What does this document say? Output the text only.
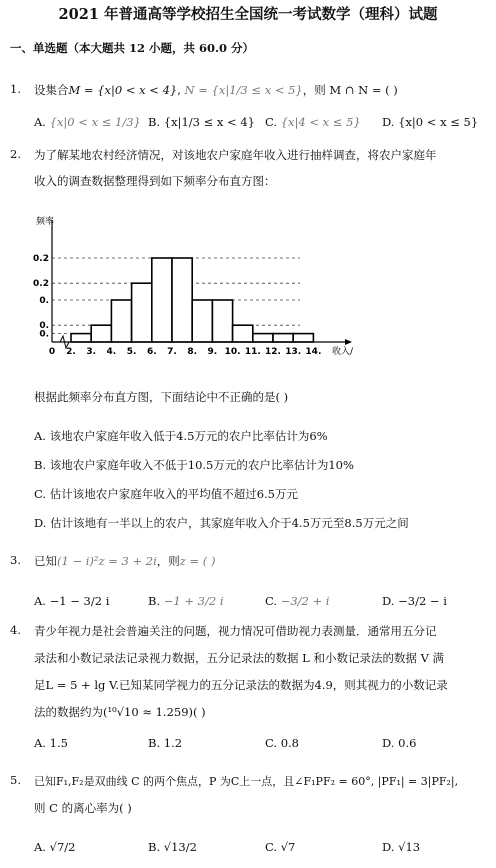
2021 年普通高等学校招生全国统一考试数学（理科）试题
一、单选题（本大题共 12 小题，共 60.0 分）
1. 设集合M = {x|0 < x < 4}, N = {x|1/3 ≤ x < 5}，则 M ∩ N = ( )
A. {x|0 < x ≤ 1/3} B. {x|1/3 ≤ x < 4} C. {x|4 < x ≤ 5} D. {x|0 < x ≤ 5}
2. 为了解某地农村经济情况，对该地农户家庭年收入进行抽样调查，将农户家庭年
收入的调查数据整理得到如下频率分布直方图：
频率
0.2
0.2
0.
0.
0.
0 2. 3. 4. 5. 6. 7. 8. 9. 10. 11. 12. 13. 14. 收入/
根据此频率分布直方图，下面结论中不正确的是( )
A. 该地农户家庭年收入低于4.5万元的农户比率估计为6%
B. 该地农户家庭年收入不低于10.5万元的农户比率估计为10%
C. 估计该地农户家庭年收入的平均值不超过6.5万元
D. 估计该地有一半以上的农户，其家庭年收入介于4.5万元至8.5万元之间
3. 已知(1 − i)²z = 3 + 2i，则z = ( )
A. −1 − 3/2 i	B. −1 + 3/2 i	C. −3/2 + i	D. −3/2 − i
4. 青少年视力是社会普遍关注的问题，视力情况可借助视力表测量．通常用五分记
录法和小数记录法记录视力数据，五分记录法的数据 L 和小数记录法的数据 V 满
足L = 5 + lg V.已知某同学视力的五分记录法的数据为4.9，则其视力的小数记录
法的数据约为(¹⁰√10 ≈ 1.259)( )
A. 1.5	B. 1.2	C. 0.8	D. 0.6
5. 已知F₁,F₂是双曲线 C 的两个焦点，P 为C上一点，且∠F₁PF₂ = 60°, |PF₁| = 3|PF₂|,
则 C 的离心率为( )
A. √7/2	B. √13/2	C. √7	D. √13
